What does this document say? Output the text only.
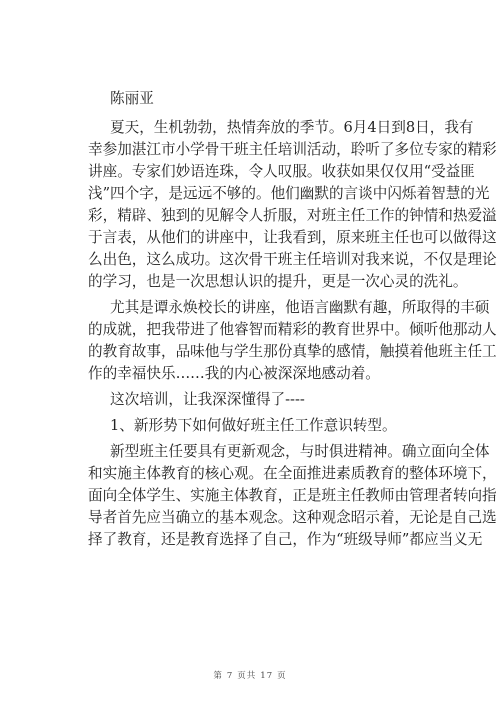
陈丽亚
夏天，生机勃勃，热情奔放的季节。6月4日到8日，我有
幸参加湛江市小学骨干班主任培训活动，聆听了多位专家的精彩
讲座。专家们妙语连珠，令人叹服。收获如果仅仅用“受益匪
浅”四个字，是远远不够的。他们幽默的言谈中闪烁着智慧的光
彩，精辟、独到的见解令人折服，对班主任工作的钟情和热爱溢
于言表，从他们的讲座中，让我看到，原来班主任也可以做得这
么出色，这么成功。这次骨干班主任培训对我来说，不仅是理论
的学习，也是一次思想认识的提升，更是一次心灵的洗礼。
尤其是谭永焕校长的讲座，他语言幽默有趣，所取得的丰硕
的成就，把我带进了他睿智而精彩的教育世界中。倾听他那动人
的教育故事，品味他与学生那份真挚的感情，触摸着他班主任工
作的幸福快乐……我的内心被深深地感动着。
这次培训，让我深深懂得了----
1、新形势下如何做好班主任工作意识转型。
新型班主任要具有更新观念，与时俱进精神。确立面向全体
和实施主体教育的核心观。在全面推进素质教育的整体环境下，
面向全体学生、实施主体教育，正是班主任教师由管理者转向指
导者首先应当确立的基本观念。这种观念昭示着，无论是自己选
择了教育，还是教育选择了自己，作为“班级导师”都应当义无
第 7 页共 17 页
